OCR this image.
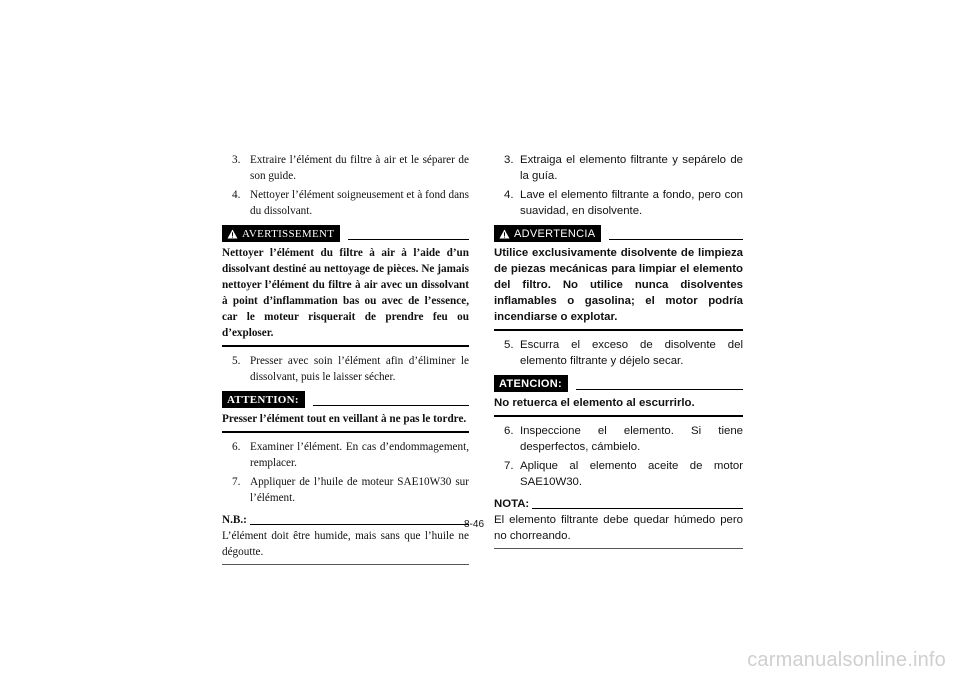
3. Extraire l’élément du filtre à air et le séparer de son guide.
4. Nettoyer l’élément soigneusement et à fond dans du dissolvant.
AVERTISSEMENT
Nettoyer l’élément du filtre à air à l’aide d’un dissolvant destiné au nettoyage de pièces. Ne jamais nettoyer l’élément du filtre à air avec un dissolvant à point d’inflammation bas ou avec de l’essence, car le moteur risquerait de prendre feu ou d’exploser.
5. Presser avec soin l’élément afin d’éliminer le dissolvant, puis le laisser sécher.
ATTENTION:
Presser l’élément tout en veillant à ne pas le tordre.
6. Examiner l’élément. En cas d’endommagement, remplacer.
7. Appliquer de l’huile de moteur SAE10W30 sur l’élément.
N.B.:
L’élément doit être humide, mais sans que l’huile ne dégoutte.
3. Extraiga el elemento filtrante y sepárelo de la guía.
4. Lave el elemento filtrante a fondo, pero con suavidad, en disolvente.
ADVERTENCIA
Utilice exclusivamente disolvente de limpieza de piezas mecánicas para limpiar el elemento del filtro. No utilice nunca disolventes inflamables o gasolina; el motor podría incendiarse o explotar.
5. Escurra el exceso de disolvente del elemento filtrante y déjelo secar.
ATENCION:
No retuerca el elemento al escurrirlo.
6. Inspeccione el elemento. Si tiene desperfectos, cámbielo.
7. Aplique al elemento aceite de motor SAE10W30.
NOTA:
El elemento filtrante debe quedar húmedo pero no chorreando.
8-46
carmanualsonline.info
